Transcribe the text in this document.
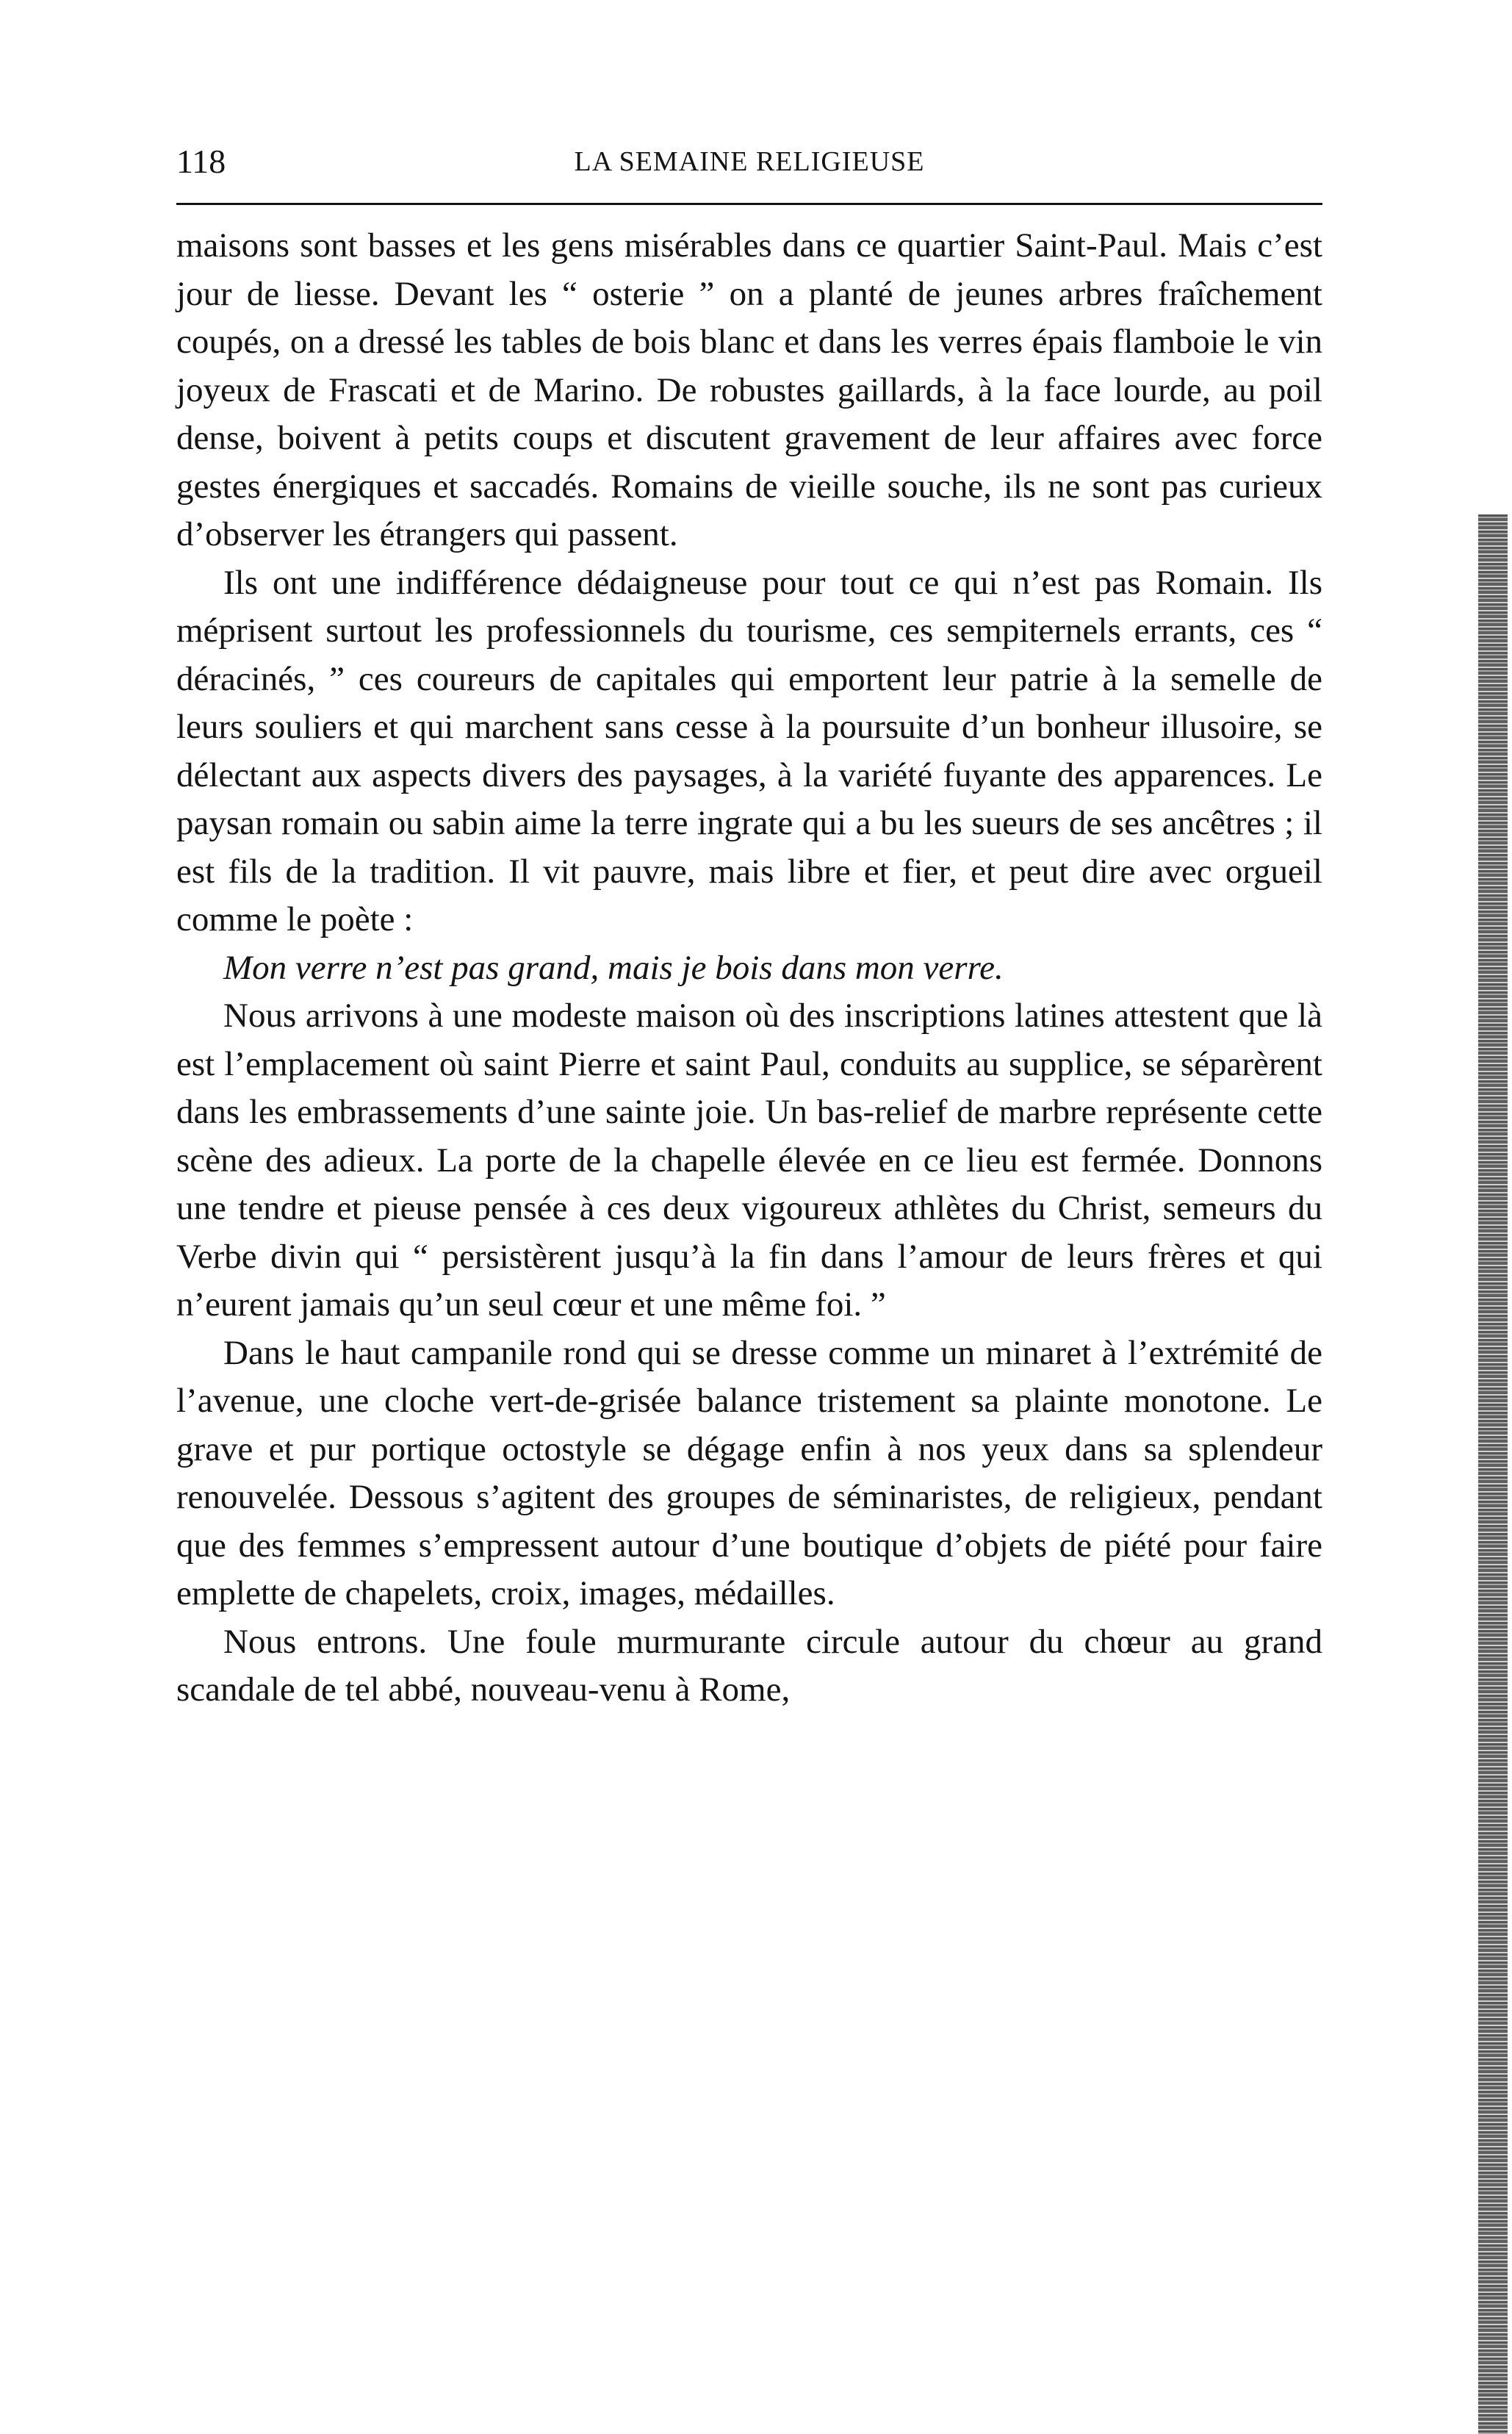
118	LA SEMAINE RELIGIEUSE

maisons sont basses et les gens misérables dans ce quartier Saint-Paul. Mais c’est jour de liesse. Devant les “ osterie ” on a planté de jeunes arbres fraîchement coupés, on a dressé les tables de bois blanc et dans les verres épais flamboie le vin joyeux de Frascati et de Marino. De robustes gaillards, à la face lourde, au poil dense, boivent à petits coups et discutent gravement de leur affaires avec force gestes énergiques et saccadés. Romains de vieille souche, ils ne sont pas curieux d’observer les étrangers qui passent.

Ils ont une indifférence dédaigneuse pour tout ce qui n’est pas Romain. Ils méprisent surtout les professionnels du tourisme, ces sempiternels errants, ces “ déracinés, ” ces coureurs de capitales qui emportent leur patrie à la semelle de leurs souliers et qui marchent sans cesse à la poursuite d’un bonheur illusoire, se délectant aux aspects divers des paysages, à la variété fuyante des apparences. Le paysan romain ou sabin aime la terre ingrate qui a bu les sueurs de ses ancêtres ; il est fils de la tradition. Il vit pauvre, mais libre et fier, et peut dire avec orgueil comme le poète :

Mon verre n’est pas grand, mais je bois dans mon verre.

Nous arrivons à une modeste maison où des inscriptions latines attestent que là est l’emplacement où saint Pierre et saint Paul, conduits au supplice, se séparèrent dans les embrassements d’une sainte joie. Un bas-relief de marbre représente cette scène des adieux. La porte de la chapelle élevée en ce lieu est fermée. Donnons une tendre et pieuse pensée à ces deux vigoureux athlètes du Christ, semeurs du Verbe divin qui “ persistèrent jusqu’à la fin dans l’amour de leurs frères et qui n’eurent jamais qu’un seul cœur et une même foi. ”

Dans le haut campanile rond qui se dresse comme un minaret à l’extrémité de l’avenue, une cloche vert-de-grisée balance tristement sa plainte monotone. Le grave et pur portique octostyle se dégage enfin à nos yeux dans sa splendeur renouvelée. Dessous s’agitent des groupes de séminaristes, de religieux, pendant que des femmes s’empressent autour d’une boutique d’objets de piété pour faire emplette de chapelets, croix, images, médailles.

Nous entrons. Une foule murmurante circule autour du chœur au grand scandale de tel abbé, nouveau-venu à Rome,
